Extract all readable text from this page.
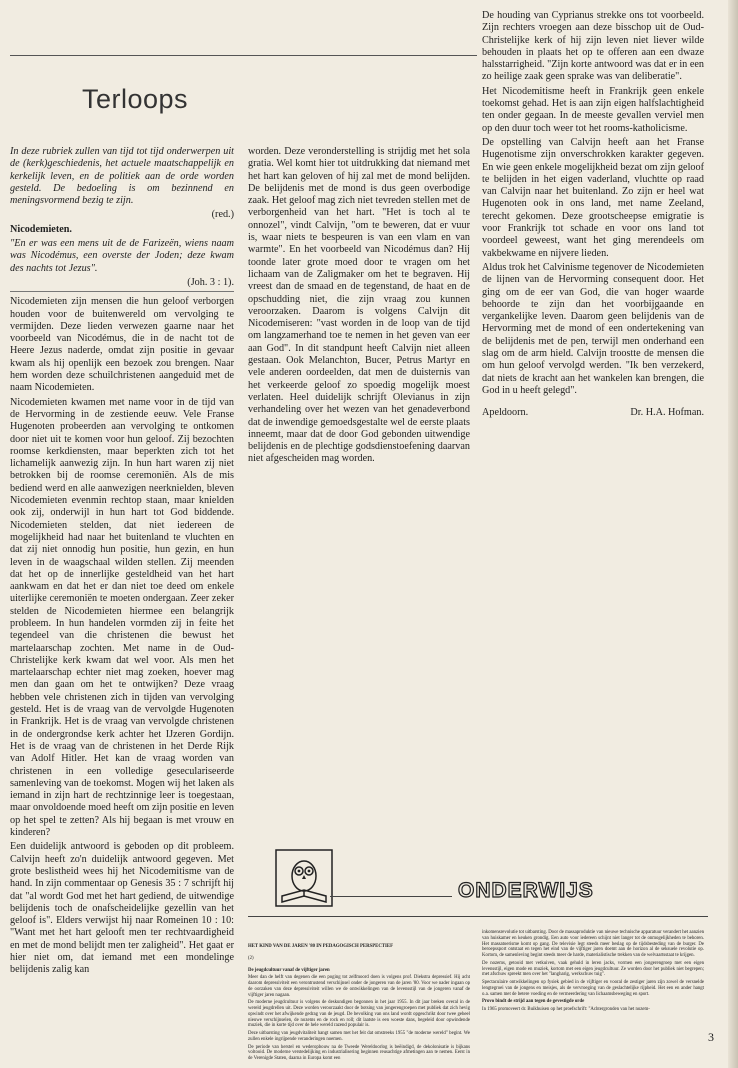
Terloops

In deze rubriek zullen van tijd tot tijd onderwerpen uit de (kerk)geschiedenis, het actuele maatschappelijk en kerkelijk leven, en de politiek aan de orde worden gesteld. De bedoeling is om bezinnend en meningsvormend bezig te zijn.

(red.)

Nicodemieten.

"En er was een mens uit de de Farizeën, wiens naam was Nicodémus, een overste der Joden; deze kwam des nachts tot Jezus".

(Joh. 3 : 1).

Nicodemieten zijn mensen die hun geloof verborgen houden voor de buitenwereld om vervolging te vermijden. Deze lieden verwezen gaarne naar het voorbeeld van Nicodémus, die in de nacht tot de Heere Jezus naderde, omdat zijn positie in gevaar kwam als hij openlijk een bezoek zou brengen. Naar hem worden deze schuilchristenen aangeduid met de naam Nicodemieten.

Nicodemieten kwamen met name voor in de tijd van de Hervorming in de zestiende eeuw. Vele Franse Hugenoten probeerden aan vervolging te ontkomen door niet uit te komen voor hun geloof. Zij bezochten roomse kerkdiensten, maar beperkten zich tot het lichamelijk aanwezig zijn. In hun hart waren zij niet betrokken bij de roomse ceremoniën. Als de mis bediend werd en alle aanwezigen neerknielden, bleven Nicodemieten evenmin rechtop staan, maar knielden ook zij, onderwijl in hun hart tot God biddende. Nicodemieten stelden, dat niet iedereen de mogelijkheid had naar het buitenland te vluchten en dat zij niet onnodig hun positie, hun gezin, en hun leven in de waagschaal wilden stellen. Zij meenden dat het op de innerlijke gesteldheid van het hart aankwam en dat het er dan niet toe deed om enkele uiterlijke ceremoniën te moeten ondergaan. Zeer zeker stelden de Nicodemieten hiermee een belangrijk probleem. In hun handelen vormden zij in feite het tegendeel van die christenen die bewust het martelaarschap zochten. Met name in de Oud-Christelijke kerk kwam dat wel voor. Als men het martelaarschap echter niet mag zoeken, hoever mag men dan gaan om het te ontwijken? Deze vraag hebben vele christenen zich in tijden van vervolging gesteld. Het is de vraag van de vervolgde Hugenoten in Frankrijk. Het is de vraag van vervolgde christenen in de ondergrondse kerk achter het IJzeren Gordijn. Het is de vraag van de christenen in het Derde Rijk van Adolf Hitler. Het kan de vraag worden van christenen in een volledige geseculariseerde samenleving van de toekomst. Mogen wij het laken als iemand in zijn hart de rechtzinnige leer is toegestaan, maar onvoldoende moed heeft om zijn positie en leven op het spel te zetten? Als hij begaan is met vrouw en kinderen?

Een duidelijk antwoord is geboden op dit probleem. Calvijn heeft zo'n duidelijk antwoord gegeven. Met grote beslistheid wees hij het Nicodemitisme van de hand. In zijn commentaar op Genesis 35 : 7 schrijft hij dat "al wordt God met het hart gediend, de uitwendige belijdenis toch de onafscheidelijke gezellin van het geloof is". Elders verwijst hij naar Romeinen 10 : 10: "Want met het hart gelooft men ter rechtvaardigheid en met de mond belijdt men ter zaligheid". Het gaat er hier niet om, dat iemand met een mondelinge belijdenis zalig kan

worden. Deze veronderstelling is strijdig met het sola gratia. Wel komt hier tot uitdrukking dat niemand met het hart kan geloven of hij zal met de mond belijden. De belijdenis met de mond is dus geen overbodige zaak. Het geloof mag zich niet tevreden stellen met de verborgenheid van het hart. "Het is toch al te onnozel", vindt Calvijn, "om te beweren, dat er vuur is, waar niets te bespeuren is van een vlam en van warmte". En het voorbeeld van Nicodémus dan? Hij toonde later grote moed door te vragen om het lichaam van de Zaligmaker om het te begraven. Hij vreest dan de smaad en de tegenstand, de haat en de opschudding niet, die zijn vraag zou kunnen veroorzaken. Daarom is volgens Calvijn dit Nicodemiseren: "vast worden in de loop van de tijd om langzamerhand toe te nemen in het geven van eer aan God". In dit standpunt heeft Calvijn niet alleen gestaan. Ook Melanchton, Bucer, Petrus Martyr en vele anderen oordeelden, dat men de duisternis van het verkeerde geloof zo spoedig mogelijk moest verlaten. Heel duidelijk schrijft Olevianus in zijn verhandeling over het wezen van het genadeverbond dat de inwendige gemoedsgestalte wel de eerste plaats inneemt, maar dat de door God gebonden uitwendige belijdenis en de plechtige godsdienstoefening daarvan niet afgescheiden mag worden.

De houding van Cyprianus strekke ons tot voorbeeld. Zijn rechters vroegen aan deze bisschop uit de Oud-Christelijke kerk of hij zijn leven niet liever wilde behouden in plaats het op te offeren aan een dwaze halsstarrigheid. "Zijn korte antwoord was dat er in een zo heilige zaak geen sprake was van deliberatie".

Het Nicodemitisme heeft in Frankrijk geen enkele toekomst gehad. Het is aan zijn eigen halfslachtigheid ten onder gegaan. In de meeste gevallen verviel men op den duur toch weer tot het rooms-katholicisme.

De opstelling van Calvijn heeft aan het Franse Hugenotisme zijn onverschrokken karakter gegeven. En wie geen enkele mogelijkheid bezat om zijn geloof te belijden in het eigen vaderland, vluchtte op raad van Calvijn naar het buitenland. Zo zijn er heel wat Hugenoten ook in ons land, met name Zeeland, terecht gekomen. Deze grootscheepse emigratie is voor Frankrijk tot schade en voor ons land tot voordeel geweest, want het ging merendeels om vakbekwame en nijvere lieden.

Aldus trok het Calvinisme tegenover de Nicodemieten de lijnen van de Hervorming consequent door. Het ging om de eer van God, die van hoger waarde behoorde te zijn dan het voorbijgaande en vergankelijke leven. Daarom geen belijdenis van de Hervorming met de mond of een ondertekening van de belijdenis met de pen, terwijl men onderhand een slag om de arm hield. Calvijn troostte de mensen die om hun geloof vervolgd werden. "Ik ben verzekerd, dat niets de kracht aan het wankelen kan brengen, die God in u heeft gelegd".

Apeldoorn.	Dr. H.A. Hofman.
ONDERWIJS

HET KIND VAN DE JAREN '80 IN PEDAGOGISCH PERSPECTIEF

(2)

De jeugdcultuur vanaf de vijftiger jaren

Meer dan de helft van degenen die een poging tot zelfmoord doen is volgens prof. Diekstra depressief. Hij acht daarom depressiviteit een verontrustend verschijnsel onder de jongeren van de jaren '80. Voor we nader ingaan op de oorzaken van deze depressiviteit willen we de ontwikkelingen van de levensstijl van de jongeren vanaf de vijftiger jaren nagaan.

De moderne jeugdcultuur is volgens de deskundigen begonnen in het jaar 1955. In dit jaar breken overal in de wereld jeugdrellen uit. Deze worden veroorzaakt door de botsing van jongerengroepen met publiek dat zich hevig opwindt over het afwijkende gedrag van de jeugd. De bevolking van ons land wordt opgeschrikt door twee geheel nieuwe verschijnselen, de nozems en de rock en roll; dit laatste is een woeste dans, begeleid door opwindende muziek, die in korte tijd over de hele wereld razend populair is.

Deze uitbarsting van jeugdvitaliteit hangt samen met het feit dat omstreeks 1955 "de moderne wereld" begint. We zullen enkele ingrijpende veranderingen noemen.

De periode van herstel en wederopbouw na de Tweede Wereldoorlog is beëindigd, de dekolonisatie is bijkans voltooid. De moderne verstedelijking en industrialisering beginnen reusachtige afmetingen aan te nemen. Eerst in de Verenigde Staten, daarna in Europa komt een

inkomensrevolutie tot uitbarsting. Door de massaproduktie van nieuwe technische apparatuur verandert het aanzien van huiskamer en keuken grondig. Een auto voor iedereen schijnt niet langer tot de onmogelijkheden te behoren. Het massatoerisme komt op gang. De televisie legt steeds meer beslag op de tijdsbesteding van de burger. De beroepssport ontstaat en tegen het eind van de vijftiger jaren doemt aan de horizon al de seksuele revolutie op. Kortom, de samenleving begint steeds meer de harde, materialistische trekken van de welvaartsstaat te krijgen.

De nozems, getooid met vetkuiven, vaak gehuld in leren jacks, vormen een jongerengroep met een eigen levensstijl, eigen mode en muziek, kortom met een eigen jeugdcultuur. Ze worden door het publiek niet begrepen; met afschuw spreekt men over het "langharig, werkschuw tuig".

Spectaculaire ontwikkelingen op fysiek gebied in de vijftiger en vooral de zestiger jaren zijn zowel de versnelde lengtegroei van de jongens en meisjes, als de vervroeging van de geslachtelijke rijpheid. Het een en ander hangt o.a. samen met de betere voeding en de vermeerdering van lichaamsbeweging en sport.

Provo bindt de strijd aan tegen de gevestigde orde

In 1965 promoveert dr. Buikhuisen op het proefschrift: "Achtergronden van het nozem-

3
